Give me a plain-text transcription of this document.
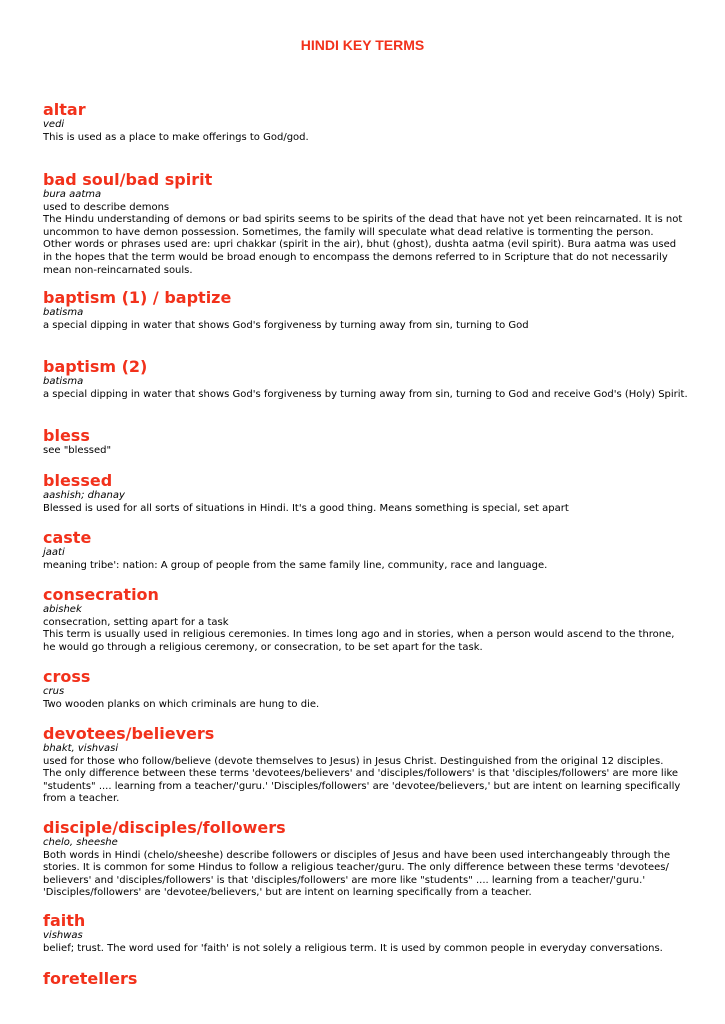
HINDI KEY TERMS
altar
vedi
This is used as a place to make offerings to God/god.
bad soul/bad spirit
bura aatma
used to describe demons
The Hindu understanding of demons or bad spirits seems to be spirits of the dead that have not yet been reincarnated. It is not
uncommon to have demon possession. Sometimes, the family will speculate what dead relative is tormenting the person.
Other words or phrases used are: upri chakkar (spirit in the air), bhut (ghost), dushta aatma (evil spirit). Bura aatma was used
in the hopes that the term would be broad enough to encompass the demons referred to in Scripture that do not necessarily
mean non-reincarnated souls.
baptism (1) / baptize
batisma
a special dipping in water that shows God's forgiveness by turning away from sin, turning to God
baptism (2)
batisma
a special dipping in water that shows God's forgiveness by turning away from sin, turning to God and receive God's (Holy) Spirit.
bless
see "blessed"
blessed
aashish; dhanay
Blessed is used for all sorts of situations in Hindi. It's a good thing. Means something is special, set apart
caste
jaati
meaning tribe': nation: A group of people from the same family line, community, race and language.
consecration
abishek
consecration, setting apart for a task
This term is usually used in religious ceremonies. In times long ago and in stories, when a person would ascend to the throne,
he would go through a religious ceremony, or consecration, to be set apart for the task.
cross
crus
Two wooden planks on which criminals are hung to die.
devotees/believers
bhakt, vishvasi
used for those who follow/believe (devote themselves to Jesus) in Jesus Christ. Destinguished from the original 12 disciples.
The only difference between these terms 'devotees/believers' and 'disciples/followers' is that 'disciples/followers' are more like
"students" .... learning from a teacher/'guru.' 'Disciples/followers' are 'devotee/believers,' but are intent on learning specifically
from a teacher.
disciple/disciples/followers
chelo, sheeshe
Both words in Hindi (chelo/sheeshe) describe followers or disciples of Jesus and have been used interchangeably through the
stories. It is common for some Hindus to follow a religious teacher/guru. The only difference between these terms 'devotees/
believers' and 'disciples/followers' is that 'disciples/followers' are more like "students" .... learning from a teacher/'guru.'
'Disciples/followers' are 'devotee/believers,' but are intent on learning specifically from a teacher.
faith
vishwas
belief; trust. The word used for 'faith' is not solely a religious term. It is used by common people in everyday conversations.
foretellers
